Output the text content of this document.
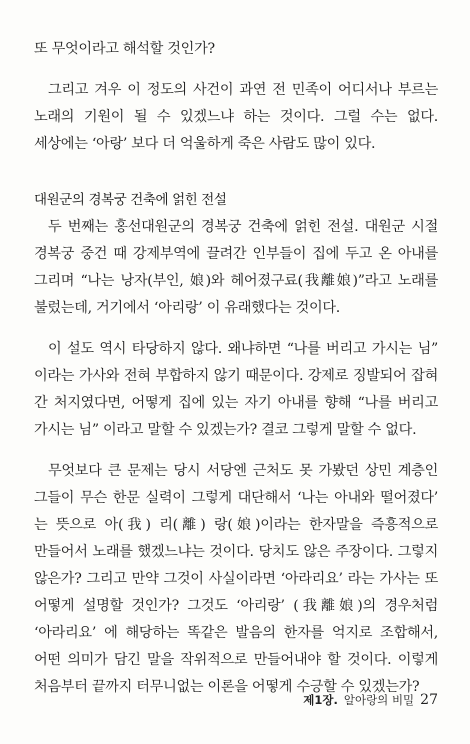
또 무엇이라고 해석할 것인가?

그리고 겨우 이 정도의 사건이 과연 전 민족이 어디서나 부르는 노래의 기원이 될 수 있겠느냐 하는 것이다. 그럴 수는 없다. 세상에는 ‘아랑’ 보다 더 억울하게 죽은 사람도 많이 있다.

대원군의 경복궁 건축에 얽힌 전설

두 번째는 홍선대원군의 경복궁 건축에 얽힌 전설. 대원군 시절 경복궁 중건 때 강제부역에 끌려간 인부들이 집에 두고 온 아내를 그리며 “나는 낭자(부인, 娘)와 헤어졌구료(我離娘)”라고 노래를 불렀는데, 거기에서 ‘아리랑’ 이 유래했다는 것이다.

이 설도 역시 타당하지 않다. 왜냐하면 “나를 버리고 가시는 님” 이라는 가사와 전혀 부합하지 않기 때문이다. 강제로 징발되어 잡혀 간 처지였다면, 어떻게 집에 있는 자기 아내를 향해 “나를 버리고 가시는 님” 이라고 말할 수 있겠는가? 결코 그렇게 말할 수 없다.

무엇보다 큰 문제는 당시 서당엔 근처도 못 가봤던 상민 계층인 그들이 무슨 한문 실력이 그렇게 대단해서 ‘나는 아내와 떨어졌다’ 는 뜻으로 아(我) 리(離) 랑(娘)이라는 한자말을 즉흥적으로 만들어서 노래를 했겠느냐는 것이다. 당치도 않은 주장이다. 그렇지 않은가? 그리고 만약 그것이 사실이라면 ‘아라리요’ 라는 가사는 또 어떻게 설명할 것인가? 그것도 ‘아리랑’ (我離娘)의 경우처럼 ‘아라리요’ 에 해당하는 똑같은 발음의 한자를 억지로 조합해서, 어떤 의미가 담긴 말을 작위적으로 만들어내야 할 것이다. 이렇게 처음부터 끝까지 터무니없는 이론을 어떻게 수긍할 수 있겠는가?

제1장. 알아랑의 비밀 27
